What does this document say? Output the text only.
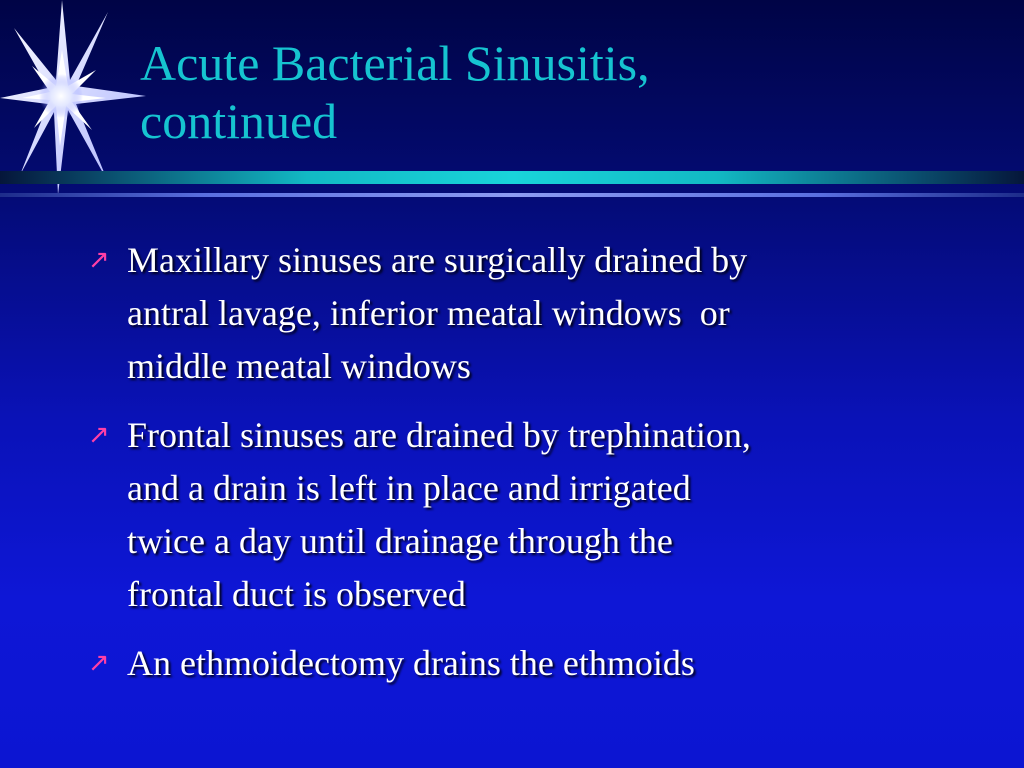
Acute Bacterial Sinusitis,
continued
↗ Maxillary sinuses are surgically drained by
antral lavage, inferior meatal windows  or
middle meatal windows
↗ Frontal sinuses are drained by trephination,
and a drain is left in place and irrigated
twice a day until drainage through the
frontal duct is observed
↗ An ethmoidectomy drains the ethmoids
